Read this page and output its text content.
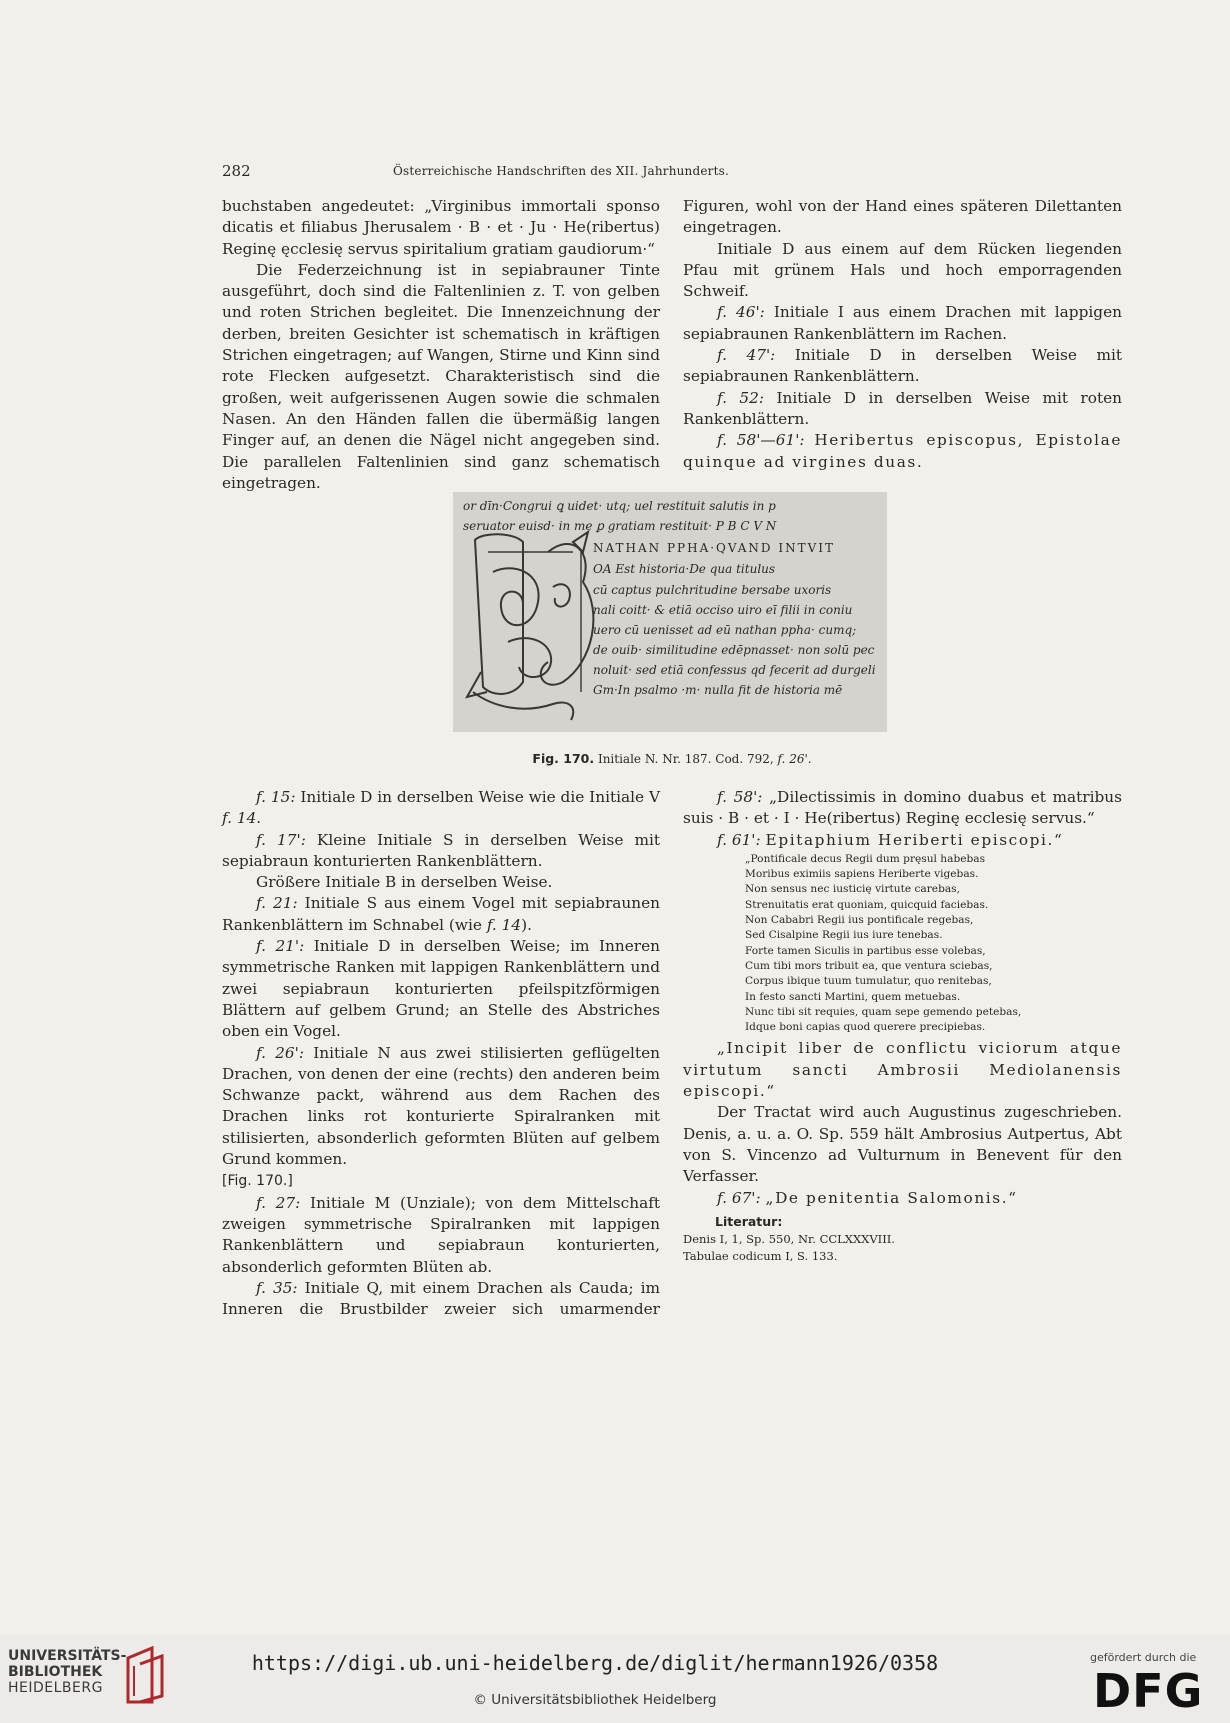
282	Österreichische Handschriften des XII. Jahrhunderts.

buchstaben angedeutet: „Virginibus immortali sponso dicatis et filiabus Jherusalem · B · et · Ju · He(ribertus) Reginę ęcclesię servus spiritalium gratiam gaudiorum·“

Die Federzeichnung ist in sepiabrauner Tinte ausgeführt, doch sind die Faltenlinien z. T. von gelben und roten Strichen begleitet. Die Innenzeichnung der derben, breiten Gesichter ist schematisch in kräftigen Strichen eingetragen; auf Wangen, Stirne und Kinn sind rote Flecken aufgesetzt. Charakteristisch sind die großen, weit aufgerissenen Augen sowie die schmalen Nasen. An den Händen fallen die übermäßig langen Finger auf, an denen die Nägel nicht angegeben sind. Die parallelen Faltenlinien sind ganz schematisch eingetragen.

Figuren, wohl von der Hand eines späteren Dilettanten eingetragen.

Initiale D aus einem auf dem Rücken liegenden Pfau mit grünem Hals und hoch emporragenden Schweif.

f. 46': Initiale I aus einem Drachen mit lappigen sepiabraunen Rankenblättern im Rachen.

f. 47': Initiale D in derselben Weise mit sepiabraunen Rankenblättern.

f. 52: Initiale D in derselben Weise mit roten Rankenblättern.

f. 58'—61': Heribertus episcopus, Epistolae quinque ad virgines duas.

or dīn·Congrui ꝗ uidet· utq; uel restituit salutis in p
seruator euisd· in me ꝑ gratiam restituit· P B C V N
NATHAN PPHA·QVAND INTVIT
OA Est historia·De qua titulus
cū captus pulchritudine bersabe uxoris
nali coitt· & etiā occiso uiro eī filii in coniu
uero cū uenisset ad eū nathan ppha· cumq;
de ouib· similitudine edēpnasset· non solū pec
noluit· sed etiā confessus qd fecerit ad durgeli
Gm·In psalmo ·m· nulla fit de historia mē
Fig. 170. Initiale N. Nr. 187. Cod. 792, f. 26'.

f. 15: Initiale D in derselben Weise wie die Initiale V f. 14.

f. 17': Kleine Initiale S in derselben Weise mit sepiabraun konturierten Rankenblättern.

Größere Initiale B in derselben Weise.

f. 21: Initiale S aus einem Vogel mit sepiabraunen Rankenblättern im Schnabel (wie f. 14).

f. 21': Initiale D in derselben Weise; im Inneren symmetrische Ranken mit lappigen Rankenblättern und zwei sepiabraun konturierten pfeilspitzförmigen Blättern auf gelbem Grund; an Stelle des Abstriches oben ein Vogel.

f. 26': Initiale N aus zwei stilisierten geflügelten Drachen, von denen der eine (rechts) den anderen beim Schwanze packt, während aus dem Rachen des Drachen links rot konturierte Spiralranken mit stilisierten, absonderlich geformten Blüten auf gelbem Grund kommen.
[Fig. 170.]

f. 27: Initiale M (Unziale); von dem Mittelschaft zweigen symmetrische Spiralranken mit lappigen Rankenblättern und sepiabraun konturierten, absonderlich geformten Blüten ab.

f. 35: Initiale Q, mit einem Drachen als Cauda; im Inneren die Brustbilder zweier sich umarmender

f. 58': „Dilectissimis in domino duabus et matribus suis · B · et · I · He(ribertus) Reginę ecclesię servus.“

f. 61': Epitaphium Heriberti episcopi.“

„Pontificale decus Regii dum pręsul habebas
Moribus eximiis sapiens Heriberte vigebas.
Non sensus nec iusticię virtute carebas,
Strenuitatis erat quoniam, quicquid faciebas.
Non Cababri Regii ius pontificale regebas,
Sed Cisalpine Regii ius iure tenebas.
Forte tamen Siculis in partibus esse volebas,
Cum tibi mors tribuit ea, que ventura sciebas,
Corpus ibique tuum tumulatur, quo renitebas,
In festo sancti Martini, quem metuebas.
Nunc tibi sit requies, quam sepe gemendo petebas,
Idque boni capias quod querere precipiebas.

„Incipit liber de conflictu viciorum atque virtutum sancti Ambrosii Mediolanensis episcopi.“

Der Tractat wird auch Augustinus zugeschrieben. Denis, a. u. a. O. Sp. 559 hält Ambrosius Autpertus, Abt von S. Vincenzo ad Vulturnum in Benevent für den Verfasser.

f. 67': „De penitentia Salomonis.“

Literatur:
Denis I, 1, Sp. 550, Nr. CCLXXXVIII.
Tabulae codicum I, S. 133.
UNIVERSITÄTS-
BIBLIOTHEK
HEIDELBERG
https://digi.ub.uni-heidelberg.de/diglit/hermann1926/0358
© Universitätsbibliothek Heidelberg
gefördert durch die
DFG
